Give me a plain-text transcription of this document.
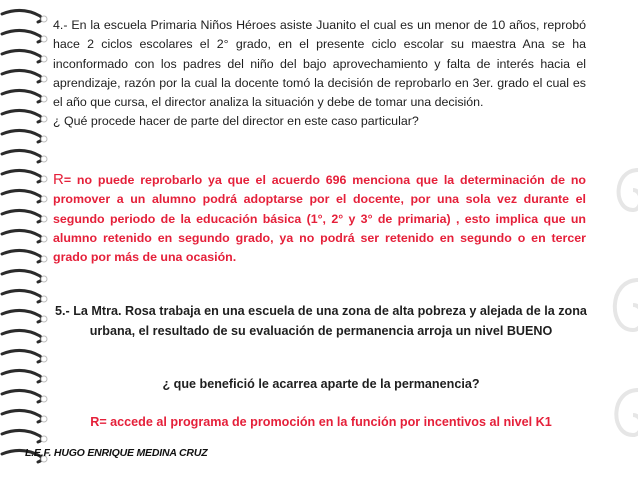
4.- En la escuela Primaria Niños Héroes asiste Juanito el cual es un menor de 10 años, reprobó hace 2 ciclos escolares el 2° grado, en el presente ciclo escolar su maestra Ana se ha inconformado con los padres del niño del bajo aprovechamiento y falta de interés hacia el aprendizaje, razón por la cual la docente tomó la decisión de reprobarlo en 3er. grado el cual es el año que cursa, el director analiza la situación y debe de tomar una decisión.

¿ Qué procede hacer de parte del director en este caso particular?

R= no puede reprobarlo ya que el acuerdo 696 menciona que la determinación de no promover a un alumno podrá adoptarse por el docente, por una sola vez durante el segundo periodo de la educación básica (1°, 2° y 3° de primaria) , esto implica que un alumno retenido en segundo grado, ya no podrá ser retenido en segundo o en tercer grado por más de una ocasión.

5.- La Mtra. Rosa trabaja en una escuela de una zona de alta pobreza y alejada de la zona urbana, el resultado de su evaluación de permanencia arroja un nivel BUENO

¿ que benefició le acarrea aparte de la permanencia?

R= accede al programa de promoción en la función por incentivos al nivel K1

L.E.F. HUGO ENRIQUE MEDINA CRUZ
